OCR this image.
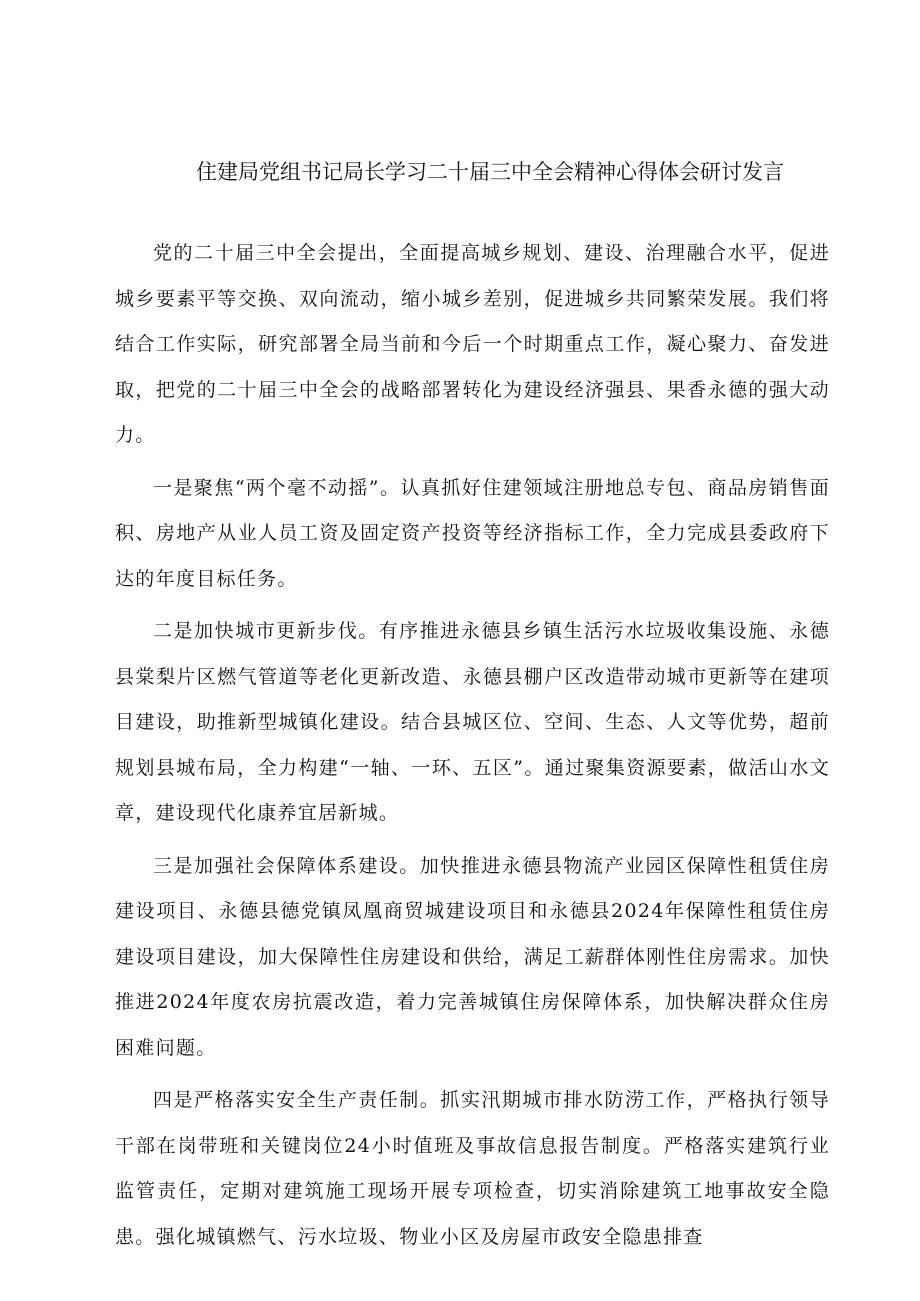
住建局党组书记局长学习二十届三中全会精神心得体会研讨发言

党的二十届三中全会提出，全面提高城乡规划、建设、治理融合水平，促进城乡要素平等交换、双向流动，缩小城乡差别，促进城乡共同繁荣发展。我们将结合工作实际，研究部署全局当前和今后一个时期重点工作，凝心聚力、奋发进取，把党的二十届三中全会的战略部署转化为建设经济强县、果香永德的强大动力。

一是聚焦“两个毫不动摇”。认真抓好住建领域注册地总专包、商品房销售面积、房地产从业人员工资及固定资产投资等经济指标工作，全力完成县委政府下达的年度目标任务。

二是加快城市更新步伐。有序推进永德县乡镇生活污水垃圾收集设施、永德县棠梨片区燃气管道等老化更新改造、永德县棚户区改造带动城市更新等在建项目建设，助推新型城镇化建设。结合县城区位、空间、生态、人文等优势，超前规划县城布局，全力构建“一轴、一环、五区”。通过聚集资源要素，做活山水文章，建设现代化康养宜居新城。

三是加强社会保障体系建设。加快推进永德县物流产业园区保障性租赁住房建设项目、永德县德党镇凤凰商贸城建设项目和永德县2024年保障性租赁住房建设项目建设，加大保障性住房建设和供给，满足工薪群体刚性住房需求。加快推进2024年度农房抗震改造，着力完善城镇住房保障体系，加快解决群众住房困难问题。

四是严格落实安全生产责任制。抓实汛期城市排水防涝工作，严格执行领导干部在岗带班和关键岗位24小时值班及事故信息报告制度。严格落实建筑行业监管责任，定期对建筑施工现场开展专项检查，切实消除建筑工地事故安全隐患。强化城镇燃气、污水垃圾、物业小区及房屋市政安全隐患排查
